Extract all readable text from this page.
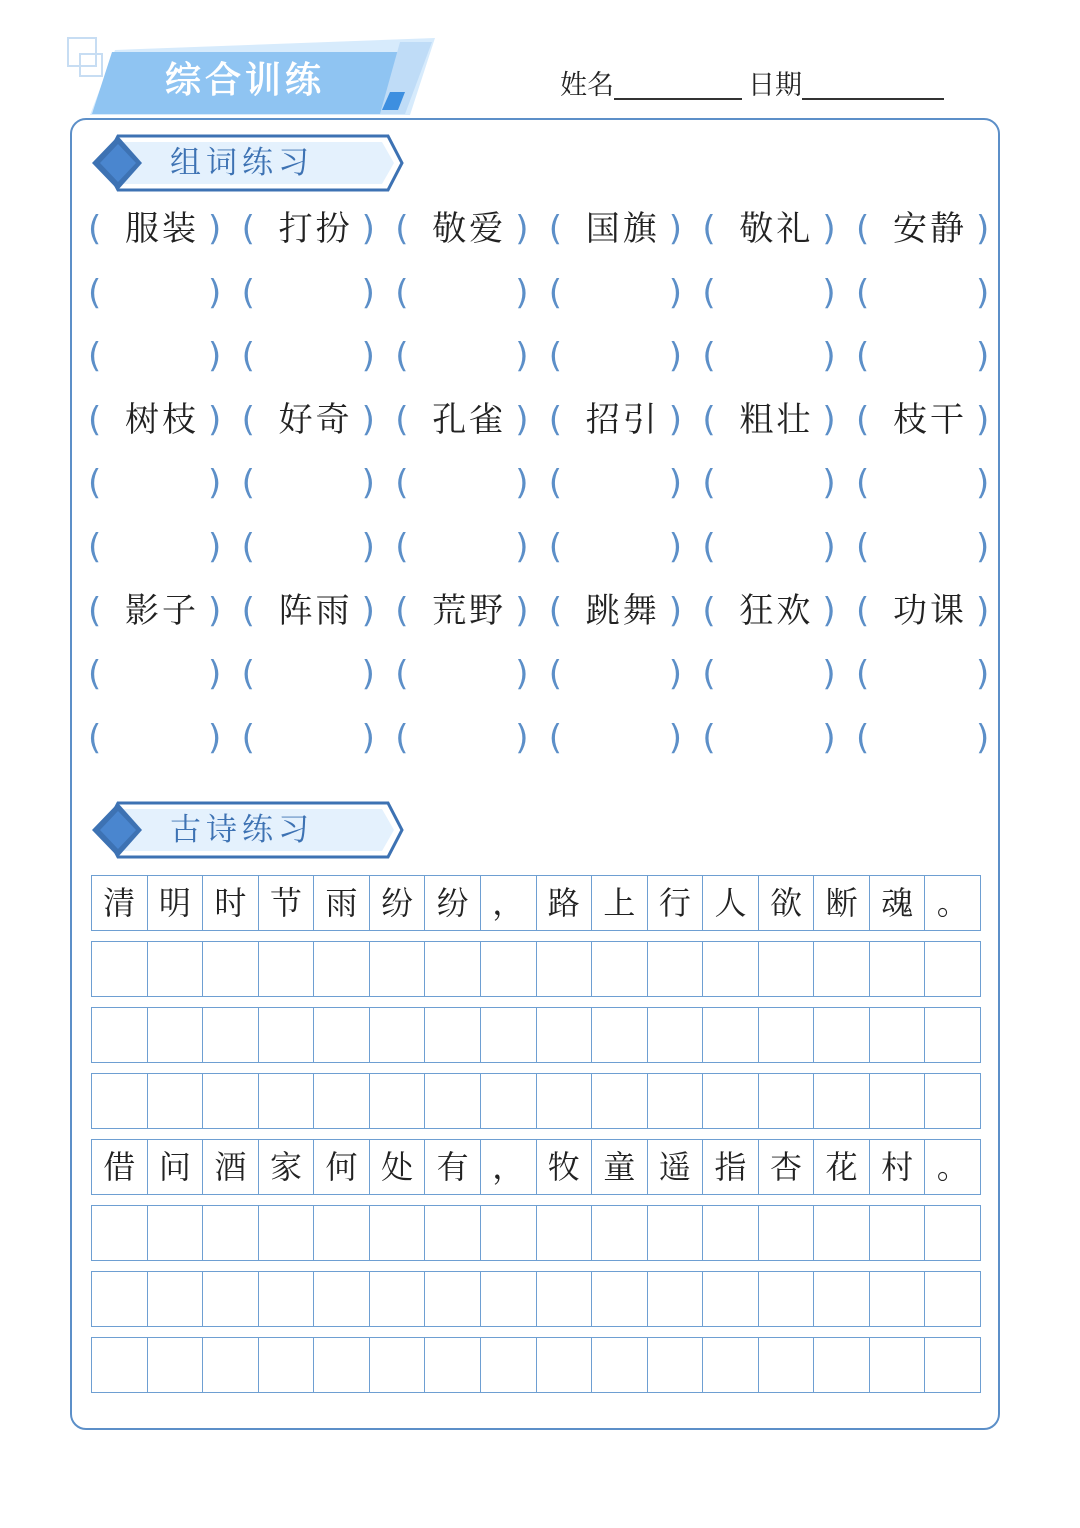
综合训练	姓名	日期
组词练习
( 服装 ) ( 打扮 ) ( 敬爱 ) ( 国旗 ) ( 敬礼 ) ( 安静 )
(	) (	) (	) (	) (	) (	)
(	) (	) (	) (	) (	) (	)
( 树枝 ) ( 好奇 ) ( 孔雀 ) ( 招引 ) ( 粗壮 ) ( 枝干 )
(	) (	) (	) (	) (	) (	)
(	) (	) (	) (	) (	) (	)
( 影子 ) ( 阵雨 ) ( 荒野 ) ( 跳舞 ) ( 狂欢 ) ( 功课 )
(	) (	) (	) (	) (	) (	)
(	) (	) (	) (	) (	) (	)
古诗练习
清 明 时 节 雨 纷 纷 ， 路 上 行 人 欲 断 魂 。
借 问 酒 家 何 处 有 ， 牧 童 遥 指 杏 花 村 。
